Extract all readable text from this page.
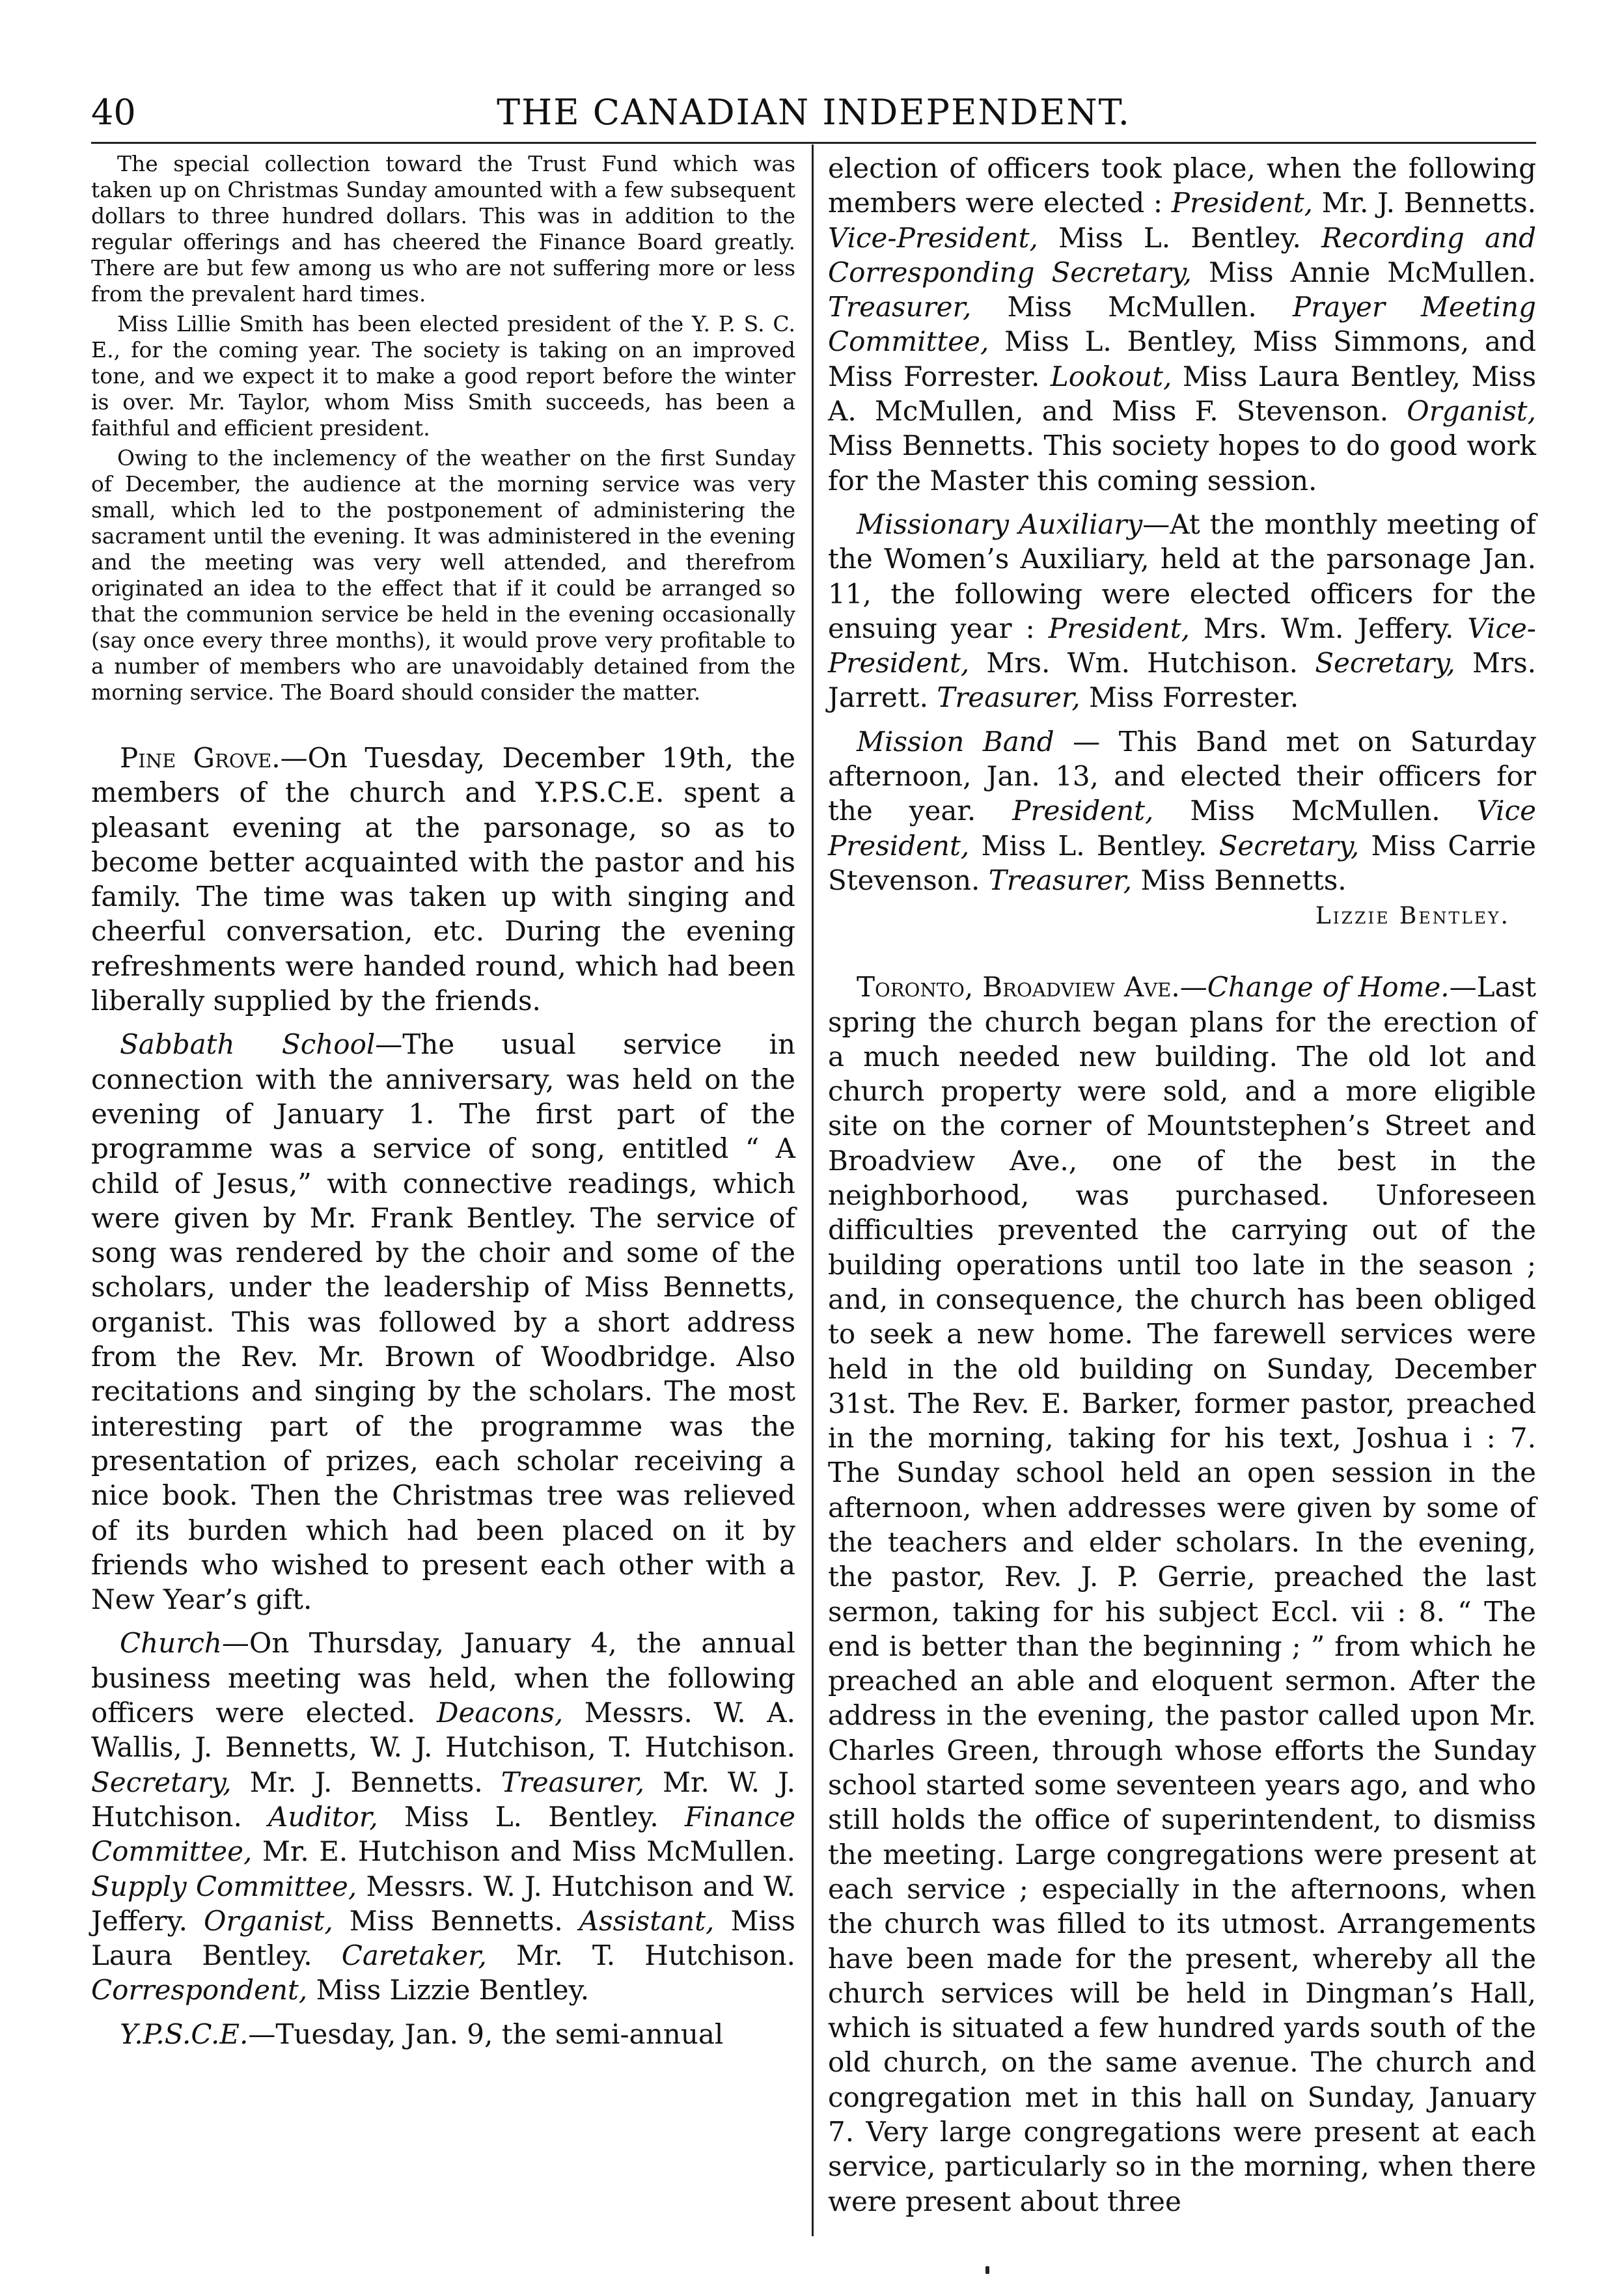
40	THE CANADIAN INDEPENDENT.

The special collection toward the Trust Fund which was taken up on Christmas Sunday amounted with a few subsequent dollars to three hundred dollars. This was in addition to the regular offerings and has cheered the Finance Board greatly. There are but few among us who are not suffering more or less from the prevalent hard times.

Miss Lillie Smith has been elected president of the Y. P. S. C. E., for the coming year. The society is taking on an improved tone, and we expect it to make a good report before the winter is over. Mr. Taylor, whom Miss Smith succeeds, has been a faithful and efficient president.

Owing to the inclemency of the weather on the first Sunday of December, the audience at the morning service was very small, which led to the postponement of administering the sacrament until the evening. It was administered in the evening and the meeting was very well attended, and therefrom originated an idea to the effect that if it could be arranged so that the communion service be held in the evening occasionally (say once every three months), it would prove very profitable to a number of members who are unavoidably detained from the morning service. The Board should consider the matter.

Pine Grove.—On Tuesday, December 19th, the members of the church and Y.P.S.C.E. spent a pleasant evening at the parsonage, so as to become better acquainted with the pastor and his family. The time was taken up with singing and cheerful conversation, etc. During the evening refreshments were handed round, which had been liberally supplied by the friends.

Sabbath School—The usual service in connection with the anniversary, was held on the evening of January 1. The first part of the programme was a service of song, entitled “ A child of Jesus,” with connective readings, which were given by Mr. Frank Bentley. The service of song was rendered by the choir and some of the scholars, under the leadership of Miss Bennetts, organist. This was followed by a short address from the Rev. Mr. Brown of Woodbridge. Also recitations and singing by the scholars. The most interesting part of the programme was the presentation of prizes, each scholar receiving a nice book. Then the Christmas tree was relieved of its burden which had been placed on it by friends who wished to present each other with a New Year’s gift.

Church—On Thursday, January 4, the annual business meeting was held, when the following officers were elected. Deacons, Messrs. W. A. Wallis, J. Bennetts, W. J. Hutchison, T. Hutchison. Secretary, Mr. J. Bennetts. Treasurer, Mr. W. J. Hutchison. Auditor, Miss L. Bentley. Finance Committee, Mr. E. Hutchison and Miss McMullen. Supply Committee, Messrs. W. J. Hutchison and W. Jeffery. Organist, Miss Bennetts. Assistant, Miss Laura Bentley. Caretaker, Mr. T. Hutchison. Correspondent, Miss Lizzie Bentley.

Y.P.S.C.E.—Tuesday, Jan. 9, the semi-annual

election of officers took place, when the following members were elected : President, Mr. J. Bennetts. Vice-President, Miss L. Bentley. Recording and Corresponding Secretary, Miss Annie McMullen. Treasurer, Miss McMullen. Prayer Meeting Committee, Miss L. Bentley, Miss Simmons, and Miss Forrester. Lookout, Miss Laura Bentley, Miss A. McMullen, and Miss F. Stevenson. Organist, Miss Bennetts. This society hopes to do good work for the Master this coming session.

Missionary Auxiliary—At the monthly meeting of the Women’s Auxiliary, held at the parsonage Jan. 11, the following were elected officers for the ensuing year : President, Mrs. Wm. Jeffery. Vice-President, Mrs. Wm. Hutchison. Secretary, Mrs. Jarrett. Treasurer, Miss Forrester.

Mission Band — This Band met on Saturday afternoon, Jan. 13, and elected their officers for the year. President, Miss McMullen. Vice President, Miss L. Bentley. Secretary, Miss Carrie Stevenson. Treasurer, Miss Bennetts.

Lizzie Bentley.

Toronto, Broadview Ave.—Change of Home.—Last spring the church began plans for the erection of a much needed new building. The old lot and church property were sold, and a more eligible site on the corner of Mountstephen’s Street and Broadview Ave., one of the best in the neighborhood, was purchased. Unforeseen difficulties prevented the carrying out of the building operations until too late in the season ; and, in consequence, the church has been obliged to seek a new home. The farewell services were held in the old building on Sunday, December 31st. The Rev. E. Barker, former pastor, preached in the morning, taking for his text, Joshua i : 7. The Sunday school held an open session in the afternoon, when addresses were given by some of the teachers and elder scholars. In the evening, the pastor, Rev. J. P. Gerrie, preached the last sermon, taking for his subject Eccl. vii : 8. “ The end is better than the beginning ; ” from which he preached an able and eloquent sermon. After the address in the evening, the pastor called upon Mr. Charles Green, through whose efforts the Sunday school started some seventeen years ago, and who still holds the office of superintendent, to dismiss the meeting. Large congregations were present at each service ; especially in the afternoons, when the church was filled to its utmost. Arrangements have been made for the present, whereby all the church services will be held in Dingman’s Hall, which is situated a few hundred yards south of the old church, on the same avenue. The church and congregation met in this hall on Sunday, January 7. Very large congregations were present at each service, particularly so in the morning, when there were present about three
